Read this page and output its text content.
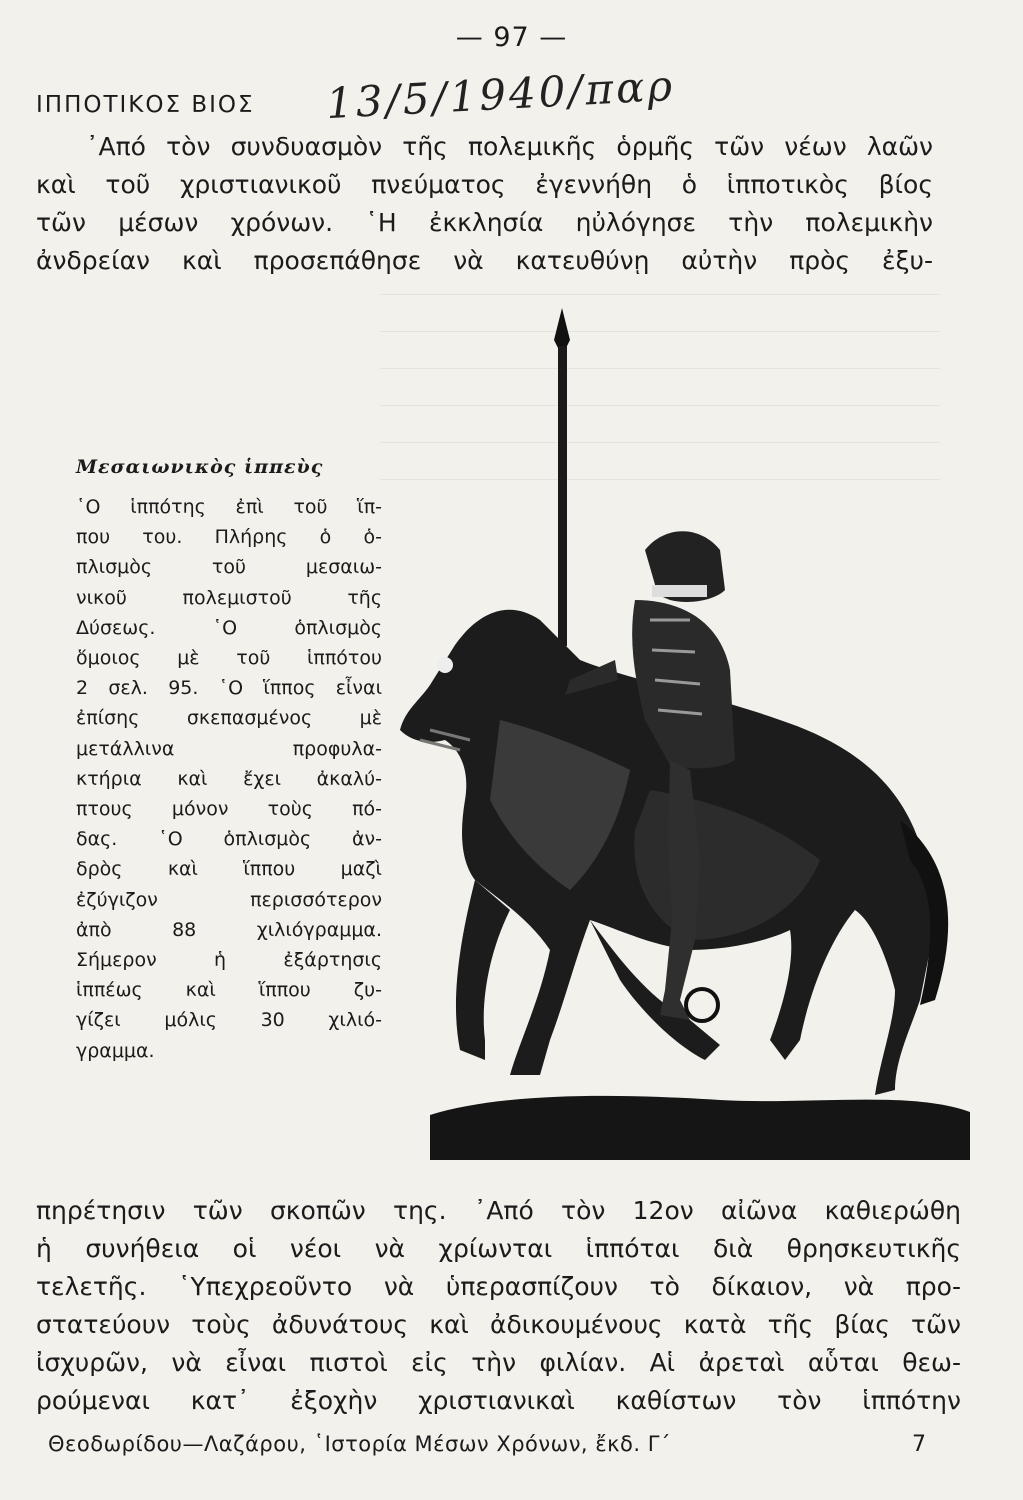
— 97 —
ΙΠΠΟΤΙΚΟΣ ΒΙΟΣ 13/5/1940/παρ
᾿Από τὸν συνδυασμὸν τῆς πολεμικῆς ὁρμῆς τῶν νέων λαῶν
καὶ τοῦ χριστιανικοῦ πνεύματος ἐγεννήθη ὁ ἱπποτικὸς βίος
τῶν μέσων χρόνων. ῾Η ἐκκλησία ηὐλόγησε τὴν πολεμικὴν
ἀνδρείαν καὶ προσεπάθησε νὰ κατευθύνῃ αὐτὴν πρὸς ἐξυ-
Μεσαιωνικὸς ἱππεὺς
῾Ο ἱππότης ἐπὶ τοῦ ἵπ-
που του. Πλήρης ὁ ὁ-
πλισμὸς τοῦ μεσαιω-
νικοῦ πολεμιστοῦ τῆς
Δύσεως. ῾Ο ὁπλισμὸς
ὅμοιος μὲ τοῦ ἱππότου
2 σελ. 95. ῾Ο ἵππος εἶναι
ἐπίσης σκεπασμένος μὲ
μετάλλινα προφυλα-
κτήρια καὶ ἔχει ἀκαλύ-
πτους μόνον τοὺς πό-
δας. ῾Ο ὁπλισμὸς ἀν-
δρὸς καὶ ἵππου μαζὶ
ἐζύγιζον περισσότερον
ἀπὸ 88 χιλιόγραμμα.
Σήμερον ἡ ἐξάρτησις
ἱππέως καὶ ἵππου ζυ-
γίζει μόλις 30 χιλιό-
γραμμα.
πηρέτησιν τῶν σκοπῶν της. ᾿Από τὸν 12ον αἰῶνα καθιερώθη
ἡ συνήθεια οἱ νέοι νὰ χρίωνται ἱππόται διὰ θρησκευτικῆς
τελετῆς. ῾Υπεχρεοῦντο νὰ ὑπερασπίζουν τὸ δίκαιον, νὰ προ-
στατεύουν τοὺς ἀδυνάτους καὶ ἀδικουμένους κατὰ τῆς βίας τῶν
ἰσχυρῶν, νὰ εἶναι πιστοὶ εἰς τὴν φιλίαν. Αἱ ἀρεταὶ αὗται θεω-
ρούμεναι κατ᾿ ἐξοχὴν χριστιανικαὶ καθίστων τὸν ἱππότην
Θεοδωρίδου—Λαζάρου, ῾Ιστορία Μέσων Χρόνων, ἔκδ. Γ΄	7
